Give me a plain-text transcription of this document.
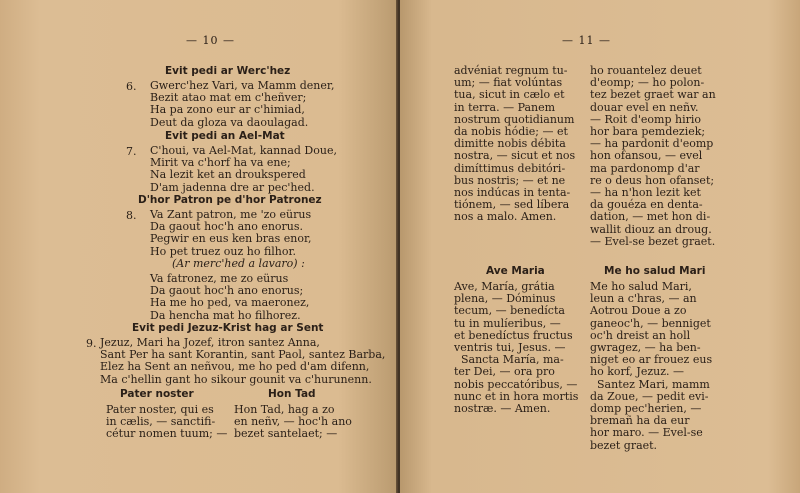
— 10 —
Evit pedi ar Werc'hez
6. Gwerc'hez Vari, va Mamm dener,
Bezit atao mat em c'heñver;
Ha pa zono eur ar c'himiad,
Deut da gloza va daoulagad.
Evit pedi an Ael-Mat
7. C'houi, va Ael-Mat, kannad Doue,
Mirit va c'horf ha va ene;
Na lezit ket an droukspered
D'am jadenna dre ar pec'hed.
D'hor Patron pe d'hor Patronez
8. Va Zant patron, me 'zo eürus
Da gaout hoc'h ano enorus.
Pegwir en eus ken bras enor,
Ho pet truez ouz ho filhor.
(Ar merc'hed a lavaro) :
Va fatronez, me zo eürus
Da gaout hoc'h ano enorus;
Ha me ho ped, va maeronez,
Da hencha mat ho filhorez.
Evit pedi Jezuz-Krist hag ar Sent
9. Jezuz, Mari ha Jozef, itron santez Anna,
Sant Per ha sant Korantin, sant Paol, santez Barba,
Elez ha Sent an neñvou, me ho ped d'am difenn,
Ma c'hellin gant ho sikour gounit va c'hurunenn.
Pater noster
Pater noster, qui es
in cælis, — sanctifi-
cétur nomen tuum; —
Hon Tad
Hon Tad, hag a zo
en neñv, — hoc'h ano
bezet santelaet; —
— 11 —
advéniat regnum tu-
um; — fiat volúntas
tua, sicut in cælo et
in terra. — Panem
nostrum quotidianum
da nobis hódie; — et
dimitte nobis débita
nostra, — sicut et nos
dimíttimus debitóri-
bus nostris; — et ne
nos indúcas in tenta-
tiónem, — sed líbera
nos a malo. Amen.
ho rouantelez deuet
d'eomp; — ho polon-
tez bezet graet war an
douar evel en neñv.
— Roit d'eomp hirio
hor bara pemdeziek;
— ha pardonit d'eomp
hon ofansou, — evel
ma pardonomp d'ar
re o deus hon ofanset;
— ha n'hon lezit ket
da gouéza en denta-
dation, — met hon di-
wallit diouz an droug.
— Evel-se bezet graet.
Ave Maria
Ave, María, grátia
plena, — Dóminus
tecum, — benedícta
tu in mulíeribus, —
et benedíctus fructus
ventris tui, Jesus. —
Sancta María, ma-
ter Dei, — ora pro
nobis peccatóribus, —
nunc et in hora mortis
nostræ. — Amen.
Me ho salud Mari
Me ho salud Mari,
leun a c'hras, — an
Aotrou Doue a zo
ganeoc'h, — benniget
oc'h dreist an holl
gwragez, — ha ben-
niget eo ar frouez eus
ho korf, Jezuz. —
Santez Mari, mamm
da Zoue, — pedit evi-
domp pec'herien, —
bremañ ha da eur
hor maro. — Evel-se
bezet graet.
